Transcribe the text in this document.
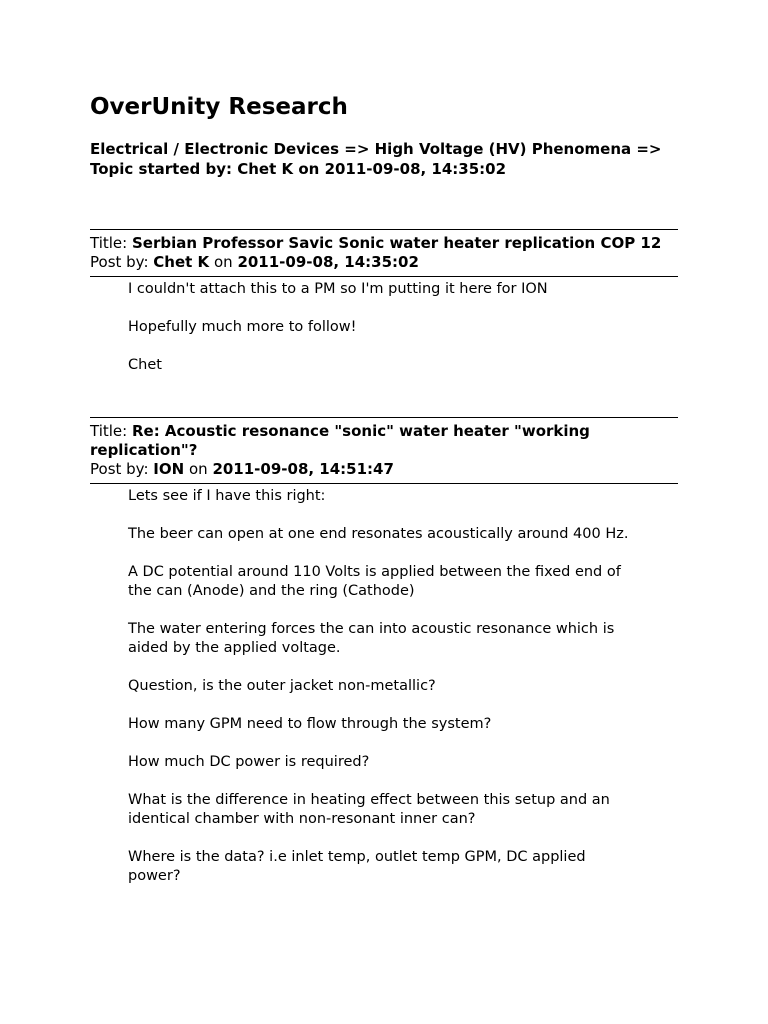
OverUnity Research
Electrical / Electronic Devices => High Voltage (HV) Phenomena =>
Topic started by: Chet K on 2011-09-08, 14:35:02
Title: Serbian Professor Savic Sonic water heater replication COP 12
Post by: Chet K on 2011-09-08, 14:35:02

I couldn't attach this to a PM so I'm putting it here for ION

Hopefully much more to follow!

Chet

Title: Re: Acoustic resonance "sonic" water heater "working replication"?
Post by: ION on 2011-09-08, 14:51:47

Lets see if I have this right:

The beer can open at one end resonates acoustically around 400 Hz.

A DC potential around 110 Volts is applied between the fixed end of the can (Anode) and the ring (Cathode)

The water entering forces the can into acoustic resonance which is aided by the applied voltage.

Question, is the outer jacket non-metallic?

How many GPM need to flow through the system?

How much DC power is required?

What is the difference in heating effect between this setup and an identical chamber with non-resonant inner can?

Where is the data? i.e inlet temp, outlet temp GPM, DC applied power?
